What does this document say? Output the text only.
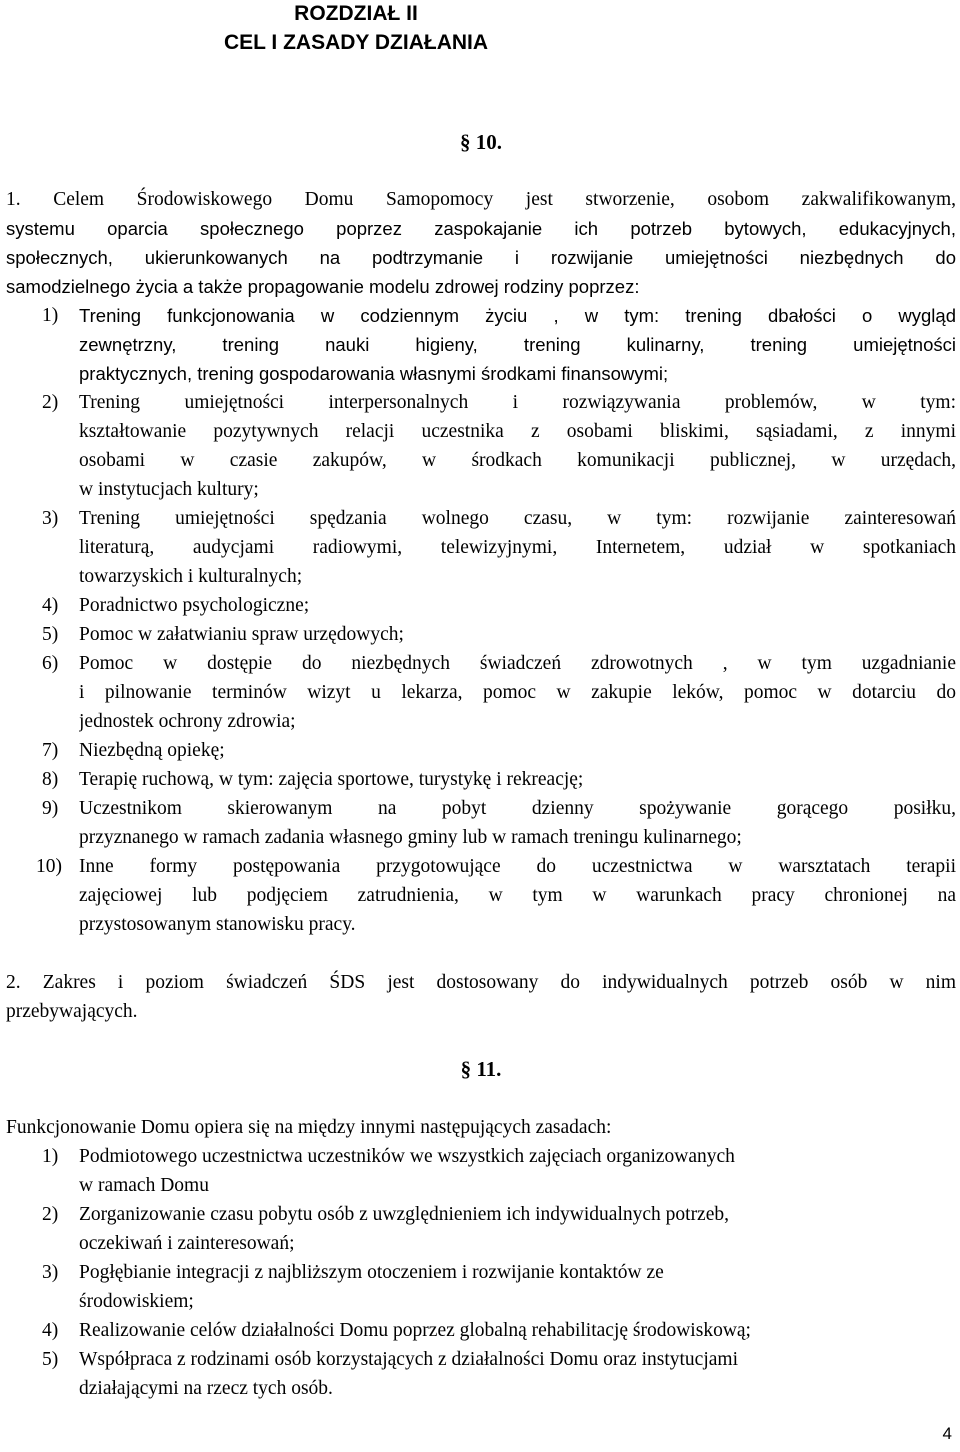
ROZDZIAŁ II
CEL I ZASADY DZIAŁANIA
§ 10.
1. Celem Środowiskowego Domu Samopomocy jest stworzenie, osobom zakwalifikowanym,
systemu oparcia społecznego poprzez zaspokajanie ich potrzeb bytowych, edukacyjnych,
społecznych, ukierunkowanych na podtrzymanie i rozwijanie umiejętności niezbędnych do
samodzielnego życia a także propagowanie modelu zdrowej rodziny poprzez:
1) Trening funkcjonowania w codziennym życiu , w tym: trening dbałości o wygląd
zewnętrzny, trening nauki higieny, trening kulinarny, trening umiejętności
praktycznych, trening gospodarowania własnymi środkami finansowymi;
2) Trening umiejętności interpersonalnych i rozwiązywania problemów, w tym:
kształtowanie pozytywnych relacji uczestnika z osobami bliskimi, sąsiadami, z innymi
osobami w czasie zakupów, w środkach komunikacji publicznej, w urzędach,
w instytucjach kultury;
3) Trening umiejętności spędzania wolnego czasu, w tym: rozwijanie zainteresowań
literaturą, audycjami radiowymi, telewizyjnymi, Internetem, udział w spotkaniach
towarzyskich i kulturalnych;
4) Poradnictwo psychologiczne;
5) Pomoc w załatwianiu spraw urzędowych;
6) Pomoc w dostępie do niezbędnych świadczeń zdrowotnych , w tym uzgadnianie
i pilnowanie terminów wizyt u lekarza, pomoc w zakupie leków, pomoc w dotarciu do
jednostek ochrony zdrowia;
7) Niezbędną opiekę;
8) Terapię ruchową, w tym: zajęcia sportowe, turystykę i rekreację;
9) Uczestnikom skierowanym na pobyt dzienny spożywanie gorącego posiłku,
przyznanego w ramach zadania własnego gminy lub w ramach treningu kulinarnego;
10) Inne formy postępowania przygotowujące do uczestnictwa w warsztatach terapii
zajęciowej lub podjęciem zatrudnienia, w tym w warunkach pracy chronionej na
przystosowanym stanowisku pracy.
2. Zakres i poziom świadczeń ŚDS jest dostosowany do indywidualnych potrzeb osób w nim
przebywających.
§ 11.
Funkcjonowanie Domu opiera się na między innymi następujących zasadach:
1) Podmiotowego uczestnictwa uczestników we wszystkich zajęciach organizowanych
w ramach Domu
2) Zorganizowanie czasu pobytu osób z uwzględnieniem ich indywidualnych potrzeb,
oczekiwań i zainteresowań;
3) Pogłębianie integracji z najbliższym otoczeniem i rozwijanie kontaktów ze
środowiskiem;
4) Realizowanie celów działalności Domu poprzez globalną rehabilitację środowiskową;
5) Współpraca z rodzinami osób korzystających z działalności Domu oraz instytucjami
działającymi na rzecz tych osób.
4
